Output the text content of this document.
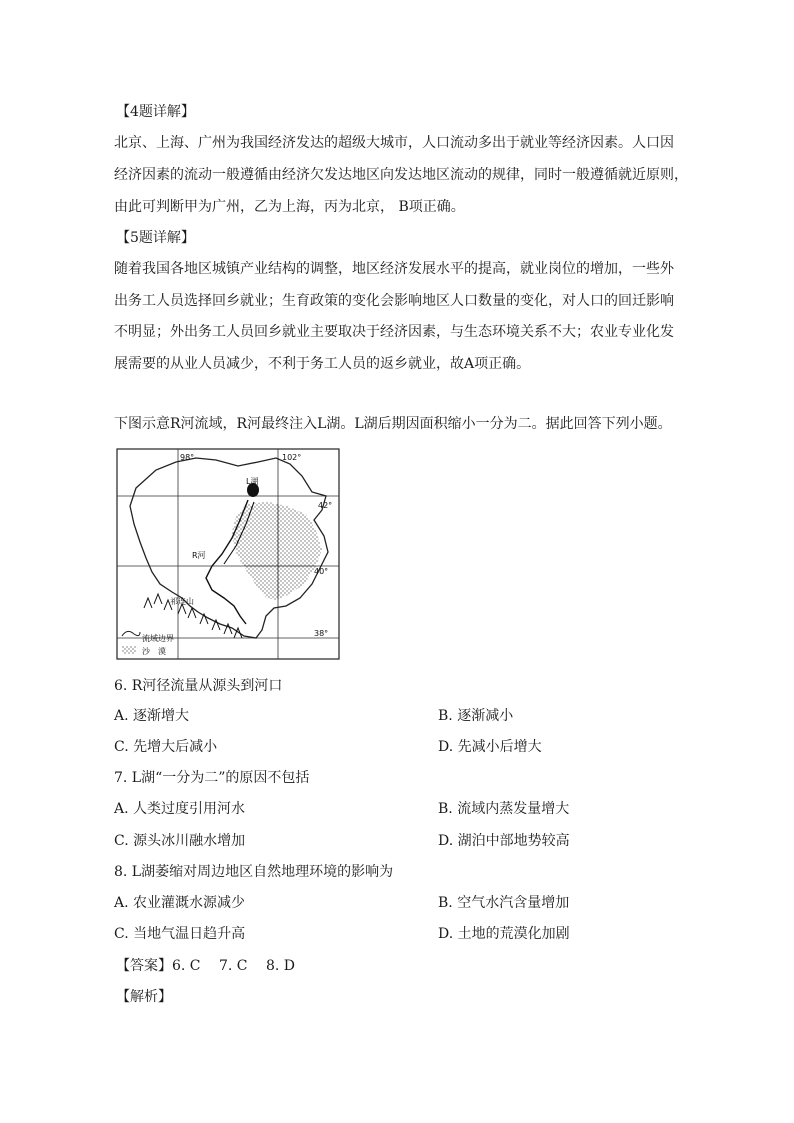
【4题详解】
北京、上海、广州为我国经济发达的超级大城市，人口流动多出于就业等经济因素。人口因
经济因素的流动一般遵循由经济欠发达地区向发达地区流动的规律，同时一般遵循就近原则，
由此可判断甲为广州，乙为上海，丙为北京， B项正确。
【5题详解】
随着我国各地区城镇产业结构的调整，地区经济发展水平的提高，就业岗位的增加，一些外
出务工人员选择回乡就业；生育政策的变化会影响地区人口数量的变化，对人口的回迁影响
不明显；外出务工人员回乡就业主要取决于经济因素，与生态环境关系不大；农业专业化发
展需要的从业人员减少，不利于务工人员的返乡就业，故A项正确。
下图示意R河流域，R河最终注入L湖。L湖后期因面积缩小一分为二。据此回答下列小题。
98°	102°
42°
40°
38°
L湖
R河
祁连山
流域边界
沙　漠
6. R河径流量从源头到河口
A. 逐渐增大	B. 逐渐减小
C. 先增大后减小	D. 先减小后增大
7. L湖“一分为二”的原因不包括
A. 人类过度引用河水	B. 流域内蒸发量增大
C. 源头冰川融水增加	D. 湖泊中部地势较高
8. L湖萎缩对周边地区自然地理环境的影响为
A. 农业灌溉水源减少	B. 空气水汽含量增加
C. 当地气温日趋升高	D. 土地的荒漠化加剧
【答案】6. C　 7. C　 8. D
【解析】
